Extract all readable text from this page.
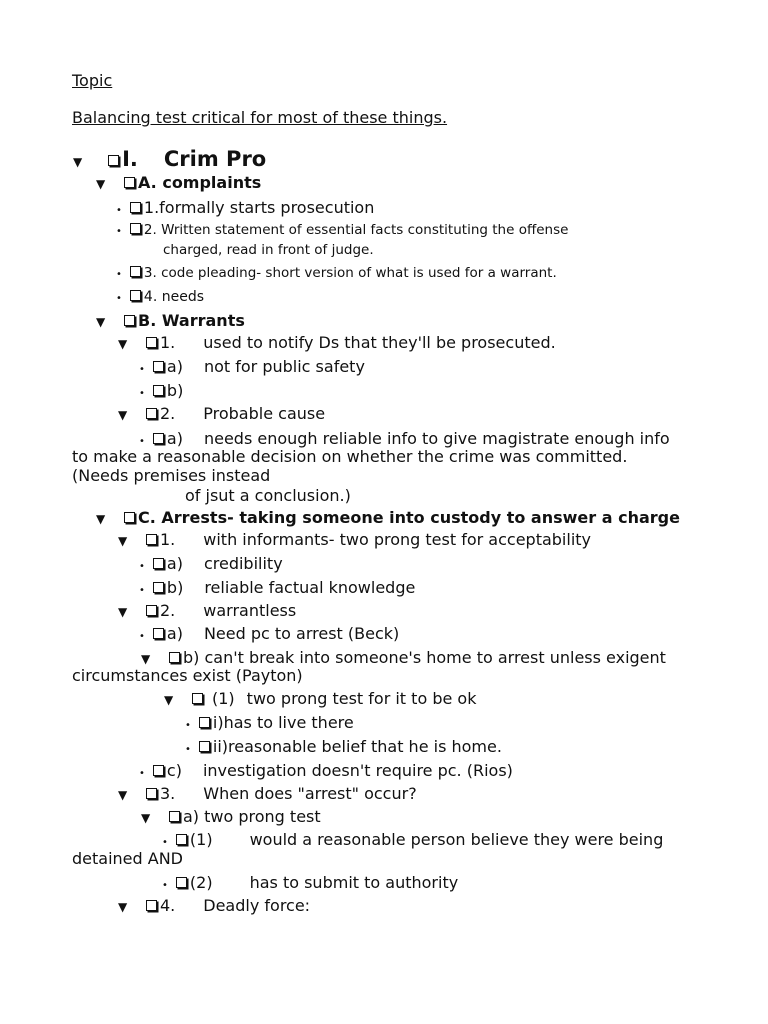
Topic
Balancing test critical for most of these things.
▼ I. Crim Pro
▼ A. complaints
• 1.formally starts prosecution
• 2. Written statement of essential facts constituting the offense
charged, read in front of judge.
• 3. code pleading- short version of what is used for a warrant.
• 4. needs
▼ B. Warrants
▼ 1. used to notify Ds that they'll be prosecuted.
• a) not for public safety
• b)
▼ 2. Probable cause
• a) needs enough reliable info to give magistrate enough info
to make a reasonable decision on whether the crime was committed.
(Needs premises instead
of jsut a conclusion.)
▼ C. Arrests- taking someone into custody to answer a charge
▼ 1. with informants- two prong test for acceptability
• a) credibility
• b) reliable factual knowledge
▼ 2. warrantless
• a) Need pc to arrest (Beck)
▼ b) can't break into someone's home to arrest unless exigent
circumstances exist (Payton)
▼ (1) two prong test for it to be ok
• i)has to live there
• ii)reasonable belief that he is home.
• c) investigation doesn't require pc. (Rios)
▼ 3. When does "arrest" occur?
▼ a) two prong test
• (1) would a reasonable person believe they were being
detained AND
• (2) has to submit to authority
▼ 4. Deadly force:
